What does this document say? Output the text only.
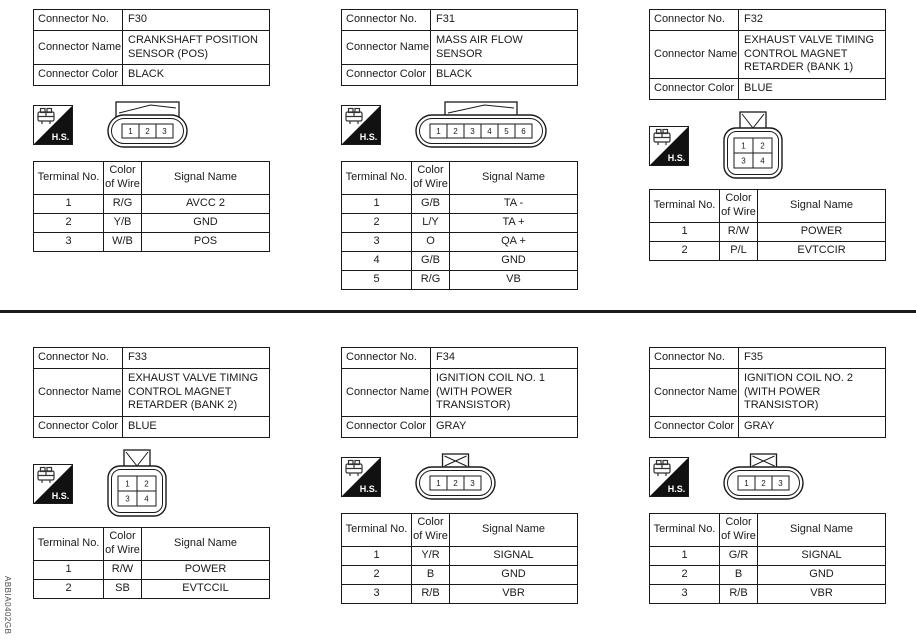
Connector No.	F30
Connector Name	CRANKSHAFT POSITION SENSOR (POS)
Connector Color	BLACK
H.S.
1 2 3
Terminal No.	Color of Wire	Signal Name
1	R/G	AVCC 2
2	Y/B	GND
3	W/B	POS
Connector No.	F31
Connector Name	MASS AIR FLOW SENSOR
Connector Color	BLACK
H.S.
1 2 3 4 5 6
Terminal No.	Color of Wire	Signal Name
1	G/B	TA -
2	L/Y	TA +
3	O	QA +
4	G/B	GND
5	R/G	VB
Connector No.	F32
Connector Name	EXHAUST VALVE TIMING CONTROL MAGNET RETARDER (BANK 1)
Connector Color	BLUE
H.S.
1 2
3 4
Terminal No.	Color of Wire	Signal Name
1	R/W	POWER
2	P/L	EVTCCIR
Connector No.	F33
Connector Name	EXHAUST VALVE TIMING CONTROL MAGNET RETARDER (BANK 2)
Connector Color	BLUE
H.S.
1 2
3 4
Terminal No.	Color of Wire	Signal Name
1	R/W	POWER
2	SB	EVTCCIL
Connector No.	F34
Connector Name	IGNITION COIL NO. 1 (WITH POWER TRANSISTOR)
Connector Color	GRAY
H.S.
1 2 3
Terminal No.	Color of Wire	Signal Name
1	Y/R	SIGNAL
2	B	GND
3	R/B	VBR
Connector No.	F35
Connector Name	IGNITION COIL NO. 2 (WITH POWER TRANSISTOR)
Connector Color	GRAY
H.S.
1 2 3
Terminal No.	Color of Wire	Signal Name
1	G/R	SIGNAL
2	B	GND
3	R/B	VBR
ABBIA0402GB
